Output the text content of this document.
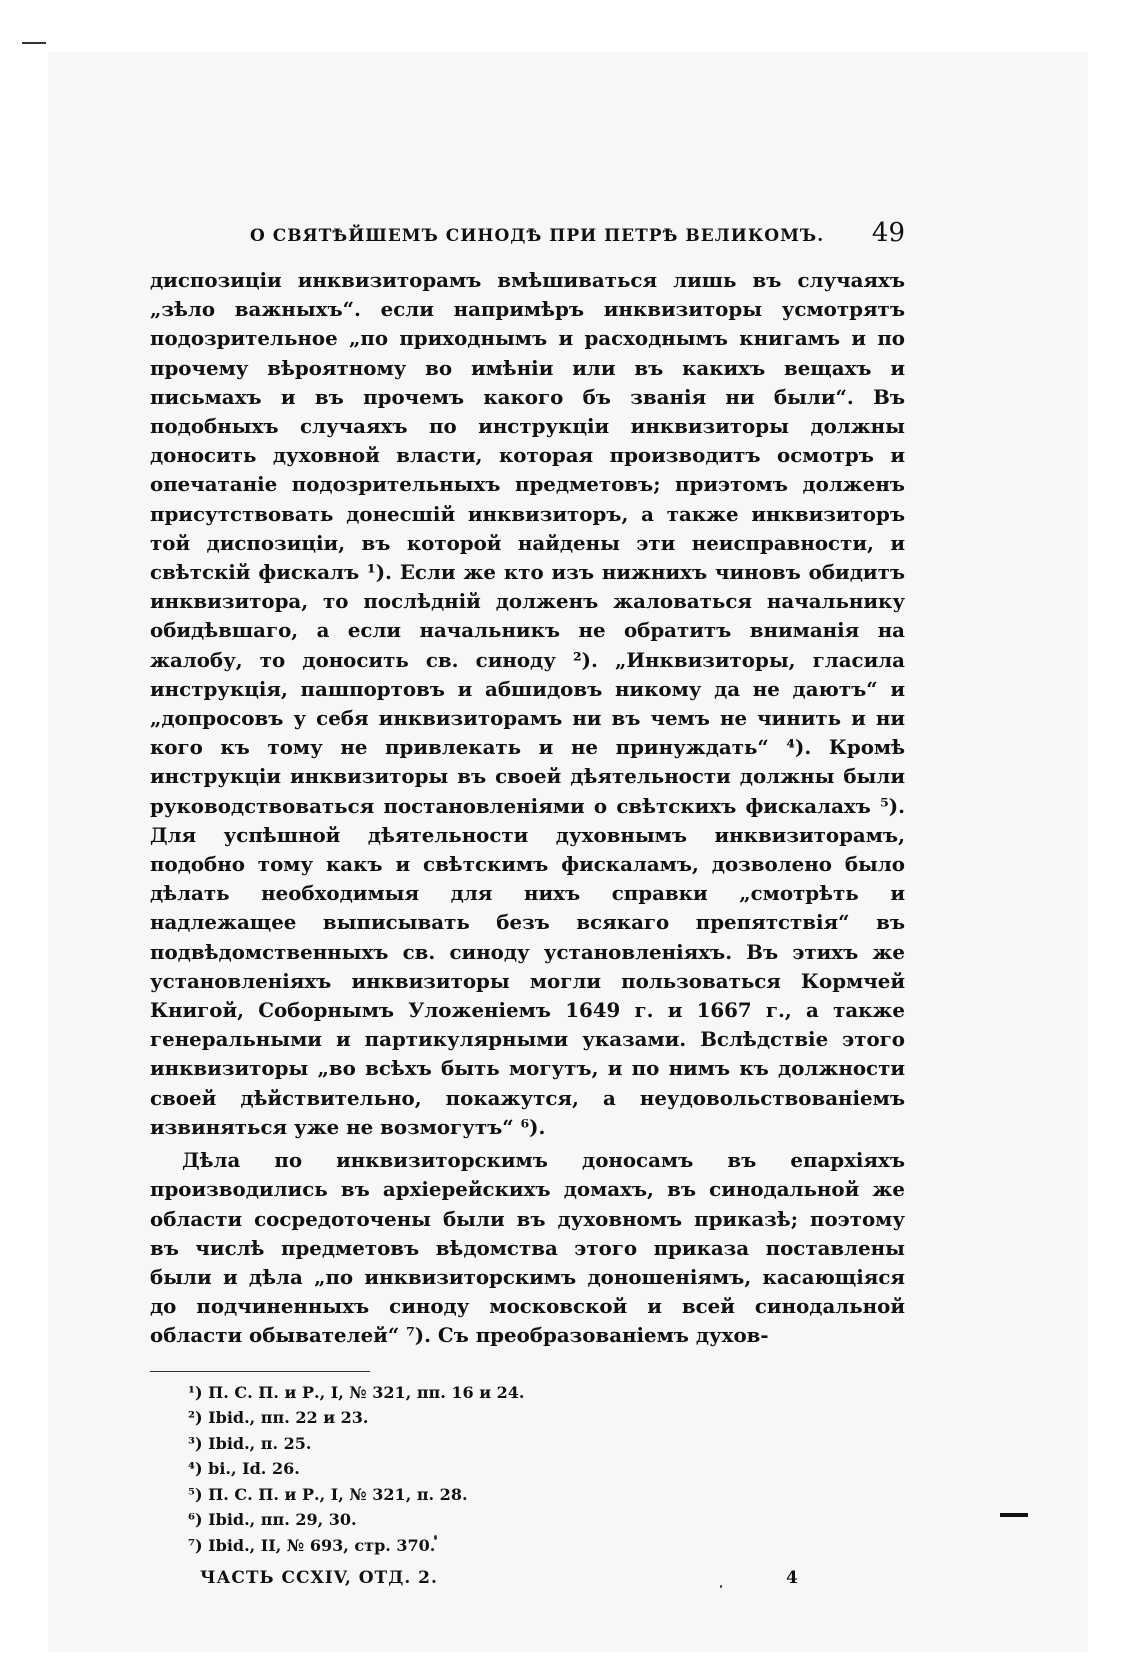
О СВЯТѢЙШЕМЪ СИНОДѢ ПРИ ПЕТРѢ ВЕЛИКОМЪ. 49

диспозиціи инквизиторамъ вмѣшиваться лишь въ случаяхъ „зѣло важныхъ“. если напримѣръ инквизиторы усмотрятъ подозрительное „по приходнымъ и расходнымъ книгамъ и по прочему вѣроятному во имѣніи или въ какихъ вещахъ и письмахъ и въ прочемъ какого бъ званія ни были“. Въ подобныхъ случаяхъ по инструкціи инквизиторы должны доносить духовной власти, которая производитъ осмотръ и опечатаніе подозрительныхъ предметовъ; приэтомъ долженъ присутствовать донесшій инквизиторъ, а также инквизиторъ той диспозиціи, въ которой найдены эти неисправности, и свѣтскій фискалъ ¹). Если же кто изъ нижнихъ чиновъ обидитъ инквизитора, то послѣдній долженъ жаловаться начальнику обидѣвшаго, а если начальникъ не обратитъ вниманія на жалобу, то доносить св. синоду ²). „Инквизиторы, гласила инструкція, пашпортовъ и абшидовъ никому да не даютъ“ и „допросовъ у себя инквизиторамъ ни въ чемъ не чинить и ни кого къ тому не привлекать и не принуждать“ ⁴). Кромѣ инструкціи инквизиторы въ своей дѣятельности должны были руководствоваться постановленіями о свѣтскихъ фискалахъ ⁵). Для успѣшной дѣятельности духовнымъ инквизиторамъ, подобно тому какъ и свѣтскимъ фискаламъ, дозволено было дѣлать необходимыя для нихъ справки „смотрѣть и надлежащее выписывать безъ всякаго препятствія“ въ подвѣдомственныхъ св. синоду установленіяхъ. Въ этихъ же установленіяхъ инквизиторы могли пользоваться Кормчей Книгой, Соборнымъ Уложеніемъ 1649 г. и 1667 г., а также генеральными и партикулярными указами. Вслѣдствіе этого инквизиторы „во всѣхъ быть могутъ, и по нимъ къ должности своей дѣйствительно, покажутся, а неудовольствованіемъ извиняться уже не возмогутъ“ ⁶).

Дѣла по инквизиторскимъ доносамъ въ епархіяхъ производились въ архіерейскихъ домахъ, въ синодальной же области сосредоточены были въ духовномъ приказѣ; поэтому въ числѣ предметовъ вѣдомства этого приказа поставлены были и дѣла „по инквизиторскимъ доношеніямъ, касающіяся до подчиненныхъ синоду московской и всей синодальной области обывателей“ ⁷). Съ преобразованіемъ духов-

¹) П. С. П. и Р., I, № 321, пп. 16 и 24.
²) Ibid., пп. 22 и 23.
³) Ibid., п. 25.
⁴) bi., Id. 26.
⁵) П. С. П. и Р., I, № 321, п. 28.
⁶) Ibid., пп. 29, 30.
⁷) Ibid., II, № 693, стр. 370.
ЧАСТЬ CCXIV, ОТД. 2.	4
